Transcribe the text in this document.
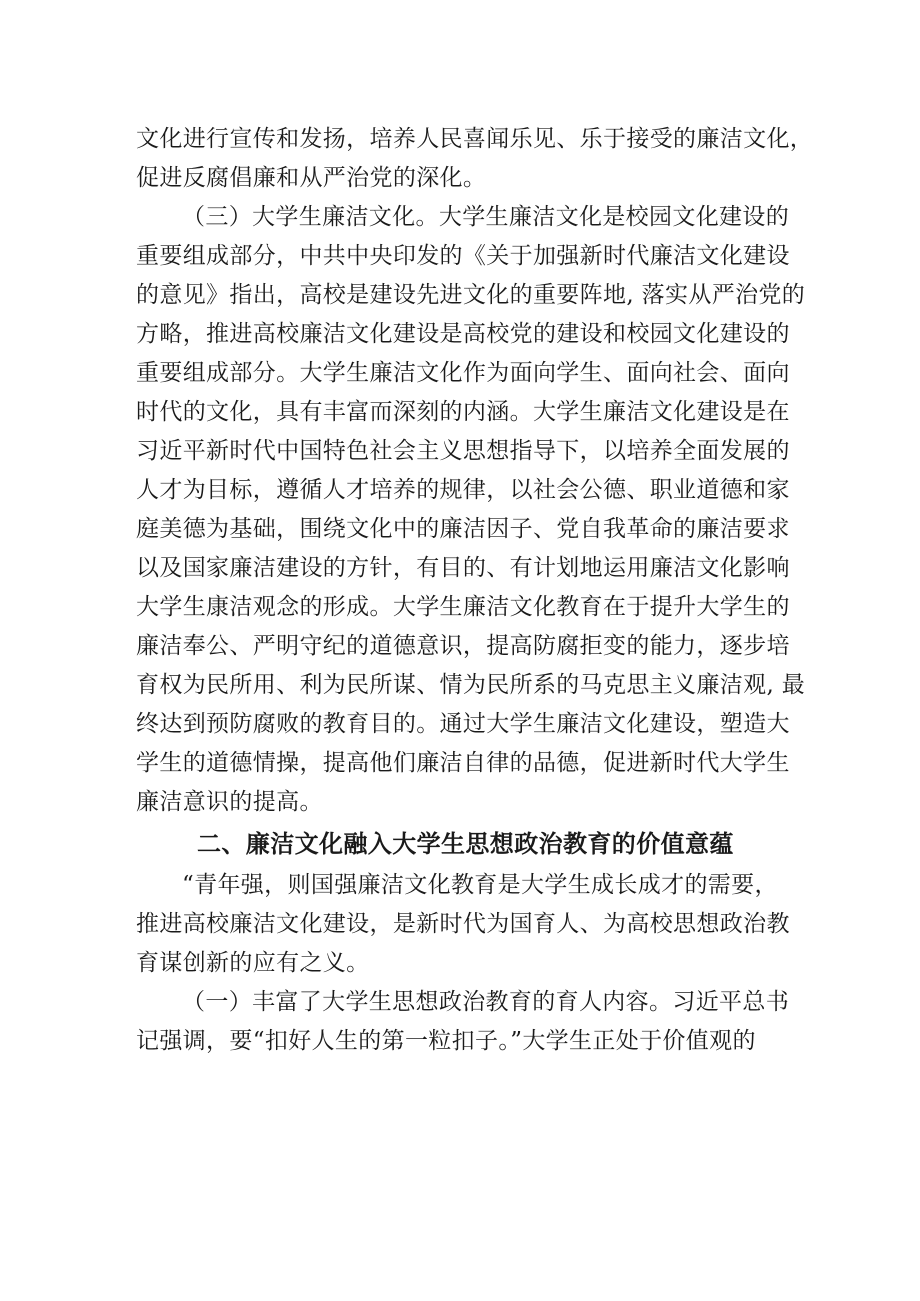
文化进行宣传和发扬，培养人民喜闻乐见、乐于接受的廉洁文化，
促进反腐倡廉和从严治党的深化。
（三）大学生廉洁文化。大学生廉洁文化是校园文化建设的
重要组成部分，中共中央印发的《关于加强新时代廉洁文化建设
的意见》指出，高校是建设先进文化的重要阵地, 落实从严治党的
方略，推进高校廉洁文化建设是高校党的建设和校园文化建设的
重要组成部分。大学生廉洁文化作为面向学生、面向社会、面向
时代的文化，具有丰富而深刻的内涵。大学生廉洁文化建设是在
习近平新时代中国特色社会主义思想指导下，以培养全面发展的
人才为目标，遵循人才培养的规律，以社会公德、职业道德和家
庭美德为基础，围绕文化中的廉洁因子、党自我革命的廉洁要求
以及国家廉洁建设的方针，有目的、有计划地运用廉洁文化影响
大学生康洁观念的形成。大学生廉洁文化教育在于提升大学生的
廉洁奉公、严明守纪的道德意识，提高防腐拒变的能力，逐步培
育权为民所用、利为民所谋、情为民所系的马克思主义廉洁观, 最
终达到预防腐败的教育目的。通过大学生廉洁文化建设，塑造大
学生的道德情操，提高他们廉洁自律的品德，促进新时代大学生
廉洁意识的提高。
二、廉洁文化融入大学生思想政治教育的价值意蕴
“青年强，则国强廉洁文化教育是大学生成长成才的需要，
推进高校廉洁文化建设，是新时代为国育人、为高校思想政治教
育谋创新的应有之义。
（一）丰富了大学生思想政治教育的育人内容。习近平总书
记强调，要“扣好人生的第一粒扣子。”大学生正处于价值观的
